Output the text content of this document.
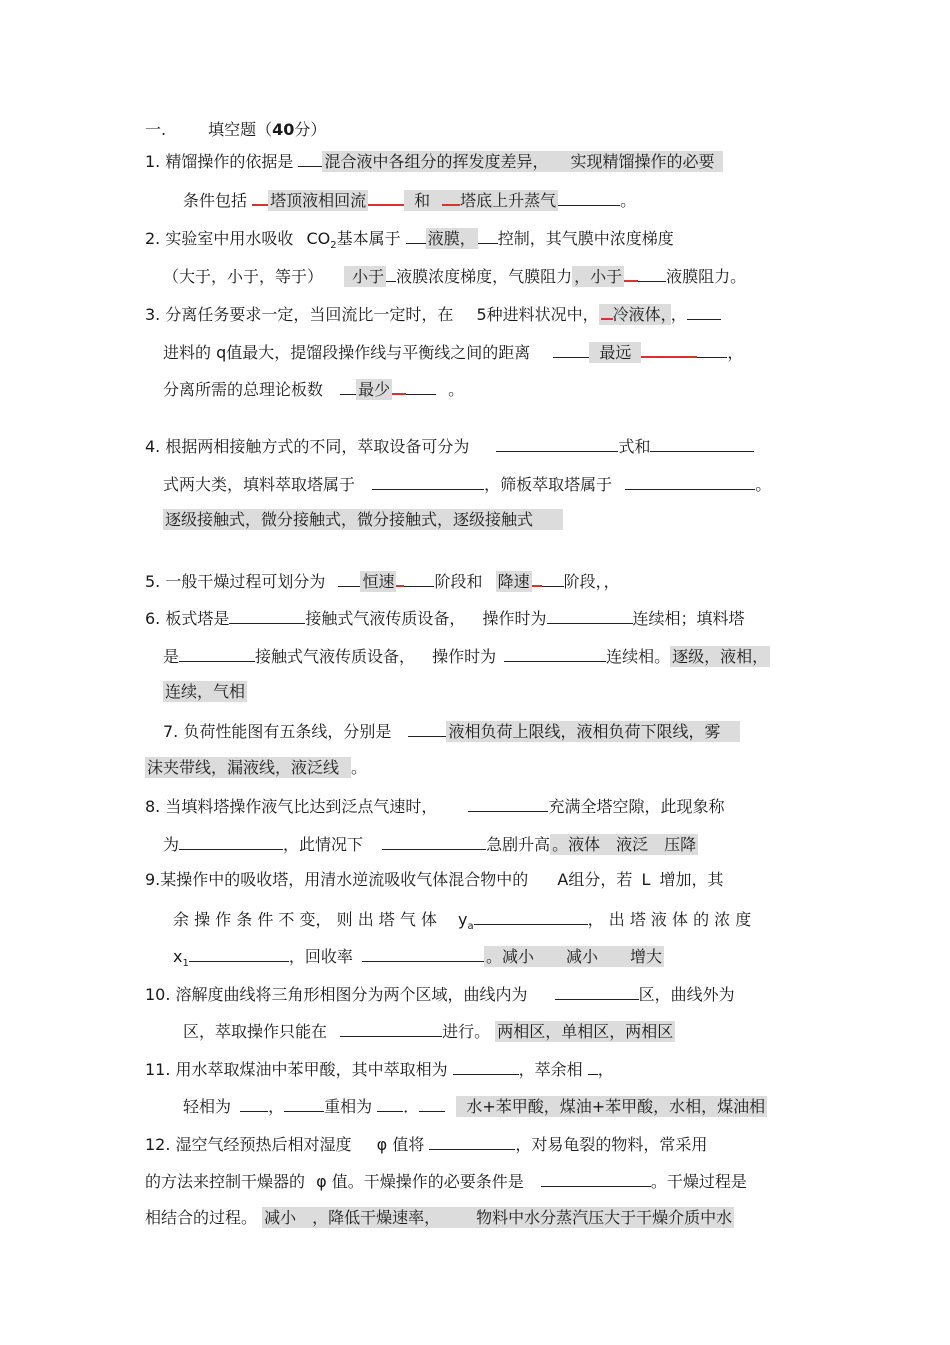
一.	填空题（40分）
1. 精馏操作的依据是 混合液中各组分的挥发度差异， 实现精馏操作的必要
条件包括 塔顶液相回流	和 塔底上升蒸气	。
2. 实验室中用水吸收 $CO_2$基本属于 液膜， 控制，其气膜中浓度梯度
（大于，小于，等于） 小于 液膜浓度梯度，气膜阻力 ，小于	液膜阻力。
3. 分离任务要求一定，当回流比一定时，在 5种进料状况中， 冷液体， ，
进料的 q值最大，提馏段操作线与平衡线之间的距离	最远	，
分离所需的总理论板数 最少	。
4. 根据两相接触方式的不同，萃取设备可分为	式和
式两大类，填料萃取塔属于	，筛板萃取塔属于	。
逐级接触式，微分接触式，微分接触式，逐级接触式
5. 一般干燥过程可划分为 恒速	阶段和 降速 阶段，，
6. 板式塔是	接触式气液传质设备， 操作时为	连续相；填料塔
是	接触式气液传质设备， 操作时为	连续相。 逐级，液相，
连续，气相
7. 负荷性能图有五条线，分别是	液相负荷上限线，液相负荷下限线，雾
沫夹带线，漏液线，液泛线 。
8. 当填料塔操作液气比达到泛点气速时，	充满全塔空隙，此现象称
为	，此情况下	急剧升高 。液体　液泛　压降
9.某操作中的吸收塔，用清水逆流吸收气体混合物中的 A组分，若 L 增加，其
余 操 作 条 件 不 变， 则 出 塔 气 体 $y_a$	， 出 塔 液 体 的 浓 度
$x_1$	，回收率	。减小　　减小　　增大
10. 溶解度曲线将三角形相图分为两个区域，曲线内为	区，曲线外为
区，萃取操作只能在	进行。 两相区，单相区，两相区
11. 用水萃取煤油中苯甲酸，其中萃取相为	，萃余相 ，
轻相为 ，	重相为 ．	水+苯甲酸，煤油+苯甲酸，水相，煤油相
12. 湿空气经预热后相对湿度 φ 值将	，对易龟裂的物料，常采用
的方法来控制干燥器的 φ 值。干燥操作的必要条件是	。干燥过程是
相结合的过程。 减小　，降低干燥速率， 物料中水分蒸汽压大于干燥介质中水
